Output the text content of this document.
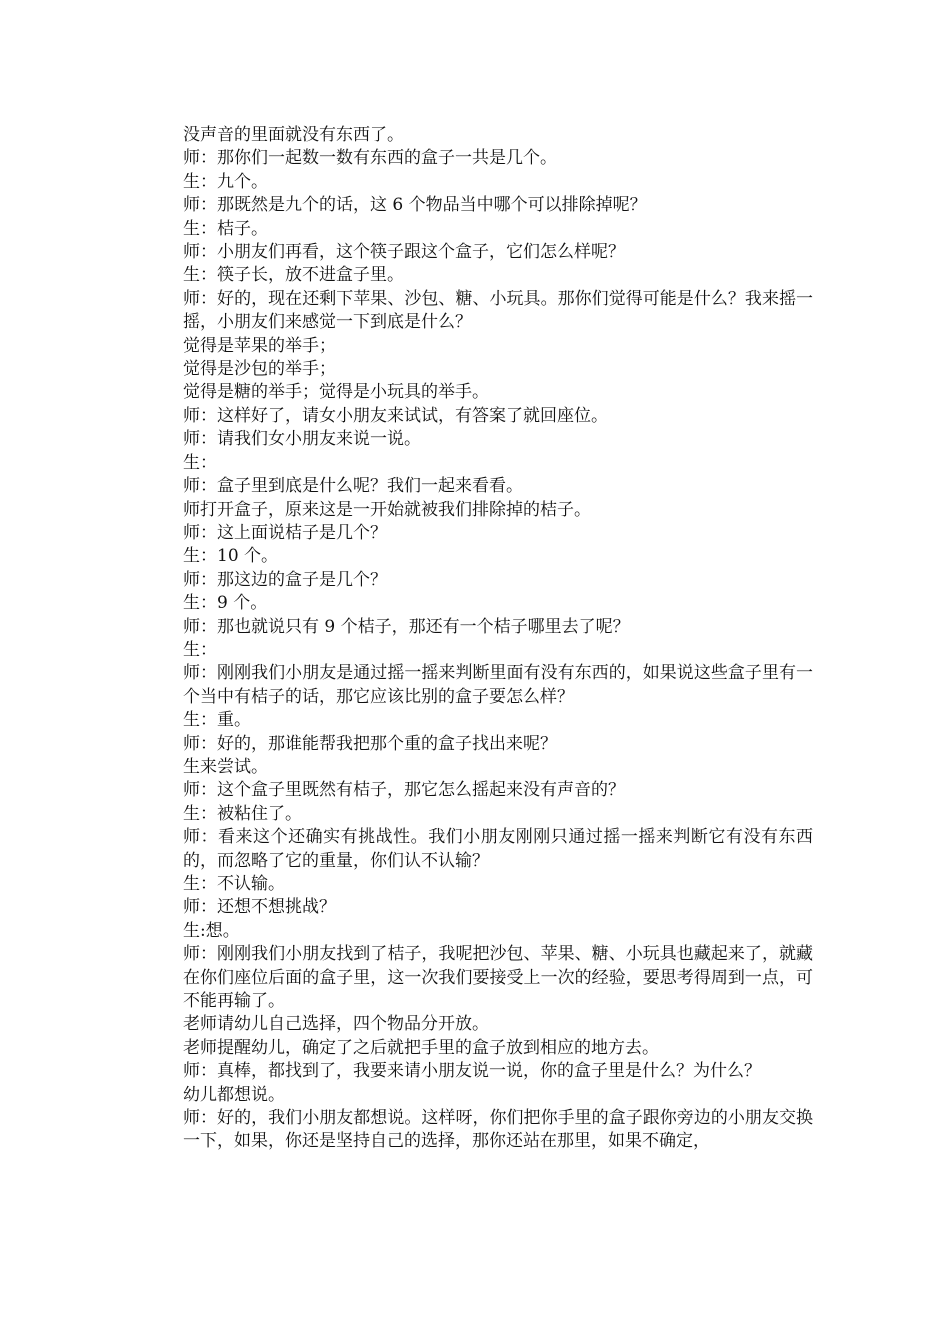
没声音的里面就没有东西了。

师：那你们一起数一数有东西的盒子一共是几个。

生：九个。

师：那既然是九个的话，这 6 个物品当中哪个可以排除掉呢？

生：桔子。

师：小朋友们再看，这个筷子跟这个盒子，它们怎么样呢？

生：筷子长，放不进盒子里。

师：好的，现在还剩下苹果、沙包、糖、小玩具。那你们觉得可能是什么？我来摇一摇，小朋友们来感觉一下到底是什么？

觉得是苹果的举手；

觉得是沙包的举手；

觉得是糖的举手；觉得是小玩具的举手。

师：这样好了，请女小朋友来试试，有答案了就回座位。

师：请我们女小朋友来说一说。

生：

师：盒子里到底是什么呢？我们一起来看看。

师打开盒子，原来这是一开始就被我们排除掉的桔子。

师：这上面说桔子是几个？

生：10 个。

师：那这边的盒子是几个？

生：9 个。

师：那也就说只有 9 个桔子，那还有一个桔子哪里去了呢？

生：

师：刚刚我们小朋友是通过摇一摇来判断里面有没有东西的，如果说这些盒子里有一个当中有桔子的话，那它应该比别的盒子要怎么样？

生：重。

师：好的，那谁能帮我把那个重的盒子找出来呢？

生来尝试。

师：这个盒子里既然有桔子，那它怎么摇起来没有声音的？

生：被粘住了。

师：看来这个还确实有挑战性。我们小朋友刚刚只通过摇一摇来判断它有没有东西的，而忽略了它的重量，你们认不认输？

生：不认输。

师：还想不想挑战？

生:想。

师：刚刚我们小朋友找到了桔子，我呢把沙包、苹果、糖、小玩具也藏起来了，就藏在你们座位后面的盒子里，这一次我们要接受上一次的经验，要思考得周到一点，可不能再输了。

老师请幼儿自己选择，四个物品分开放。

老师提醒幼儿，确定了之后就把手里的盒子放到相应的地方去。

师：真棒，都找到了，我要来请小朋友说一说，你的盒子里是什么？为什么？

幼儿都想说。

师：好的，我们小朋友都想说。这样呀，你们把你手里的盒子跟你旁边的小朋友交换一下，如果，你还是坚持自己的选择，那你还站在那里，如果不确定，
